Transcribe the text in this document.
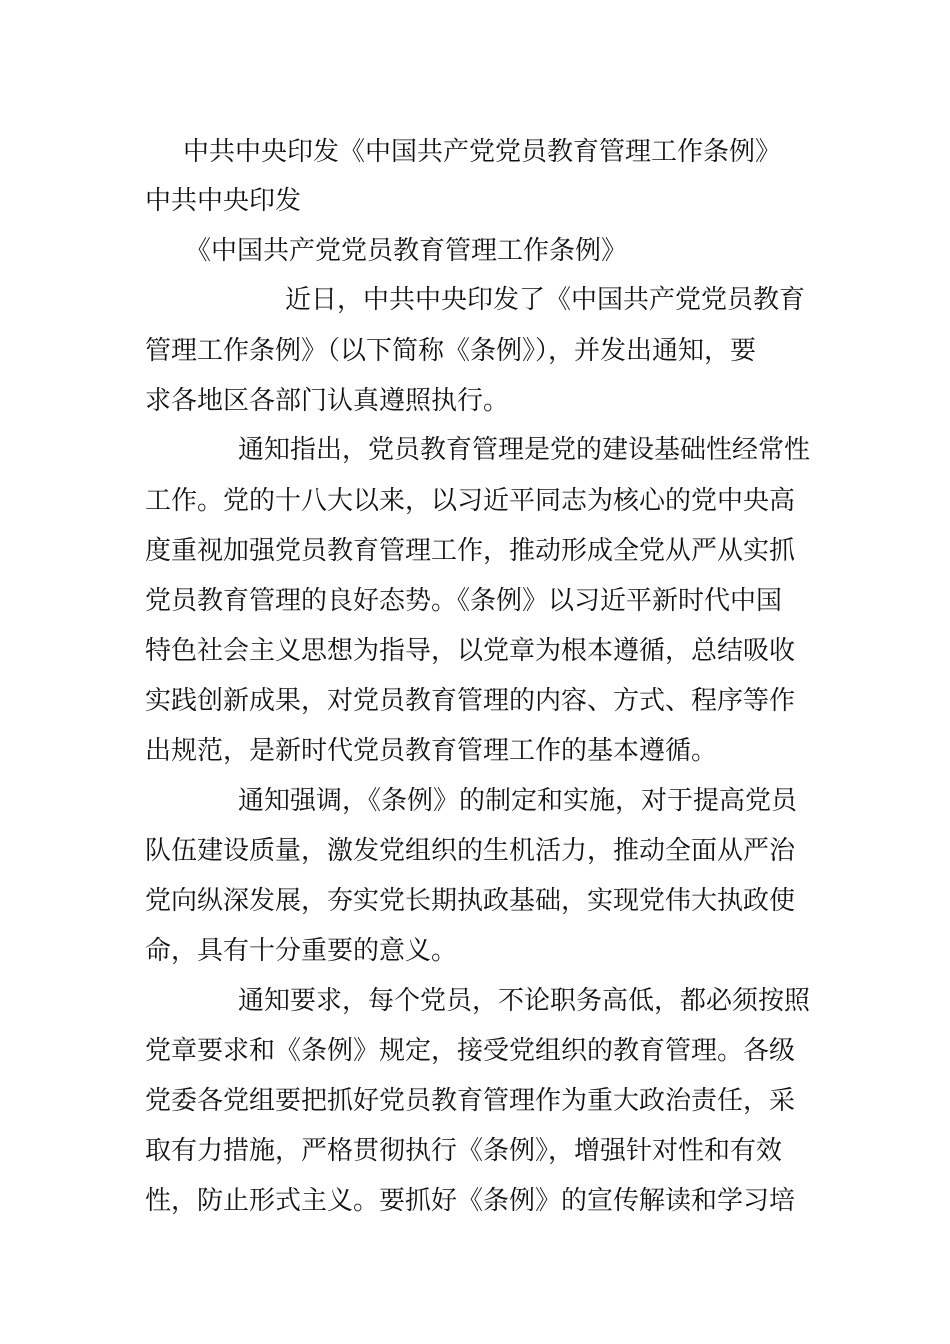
中共中央印发《中国共产党党员教育管理工作条例》
中共中央印发
《中国共产党党员教育管理工作条例》
近日，中共中央印发了《中国共产党党员教育
管理工作条例》（以下简称《条例》），并发出通知，要
求各地区各部门认真遵照执行。
通知指出，党员教育管理是党的建设基础性经常性
工作。党的十八大以来，以习近平同志为核心的党中央高
度重视加强党员教育管理工作，推动形成全党从严从实抓
党员教育管理的良好态势。《条例》以习近平新时代中国
特色社会主义思想为指导，以党章为根本遵循，总结吸收
实践创新成果，对党员教育管理的内容、方式、程序等作
出规范，是新时代党员教育管理工作的基本遵循。
通知强调，《条例》的制定和实施，对于提高党员
队伍建设质量，激发党组织的生机活力，推动全面从严治
党向纵深发展，夯实党长期执政基础，实现党伟大执政使
命，具有十分重要的意义。
通知要求，每个党员，不论职务高低，都必须按照
党章要求和《条例》规定，接受党组织的教育管理。各级
党委各党组要把抓好党员教育管理作为重大政治责任，采
取有力措施，严格贯彻执行《条例》，增强针对性和有效
性，防止形式主义。要抓好《条例》的宣传解读和学习培
